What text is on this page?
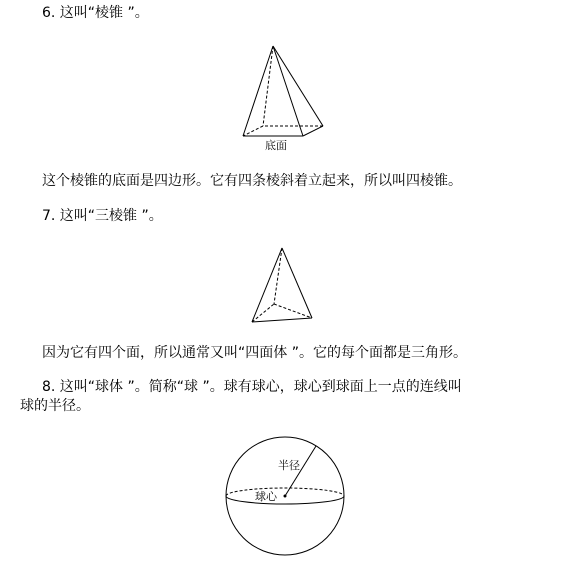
6. 这叫“棱锥 ”。

底面

这个棱锥的底面是四边形。它有四条棱斜着立起来，所以叫四棱锥。

7. 这叫“三棱锥 ”。

因为它有四个面，所以通常又叫“四面体 ”。它的每个面都是三角形。

8. 这叫“球体 ”。简称“球 ”。球有球心，球心到球面上一点的连线叫

球的半径。

半径
球心
